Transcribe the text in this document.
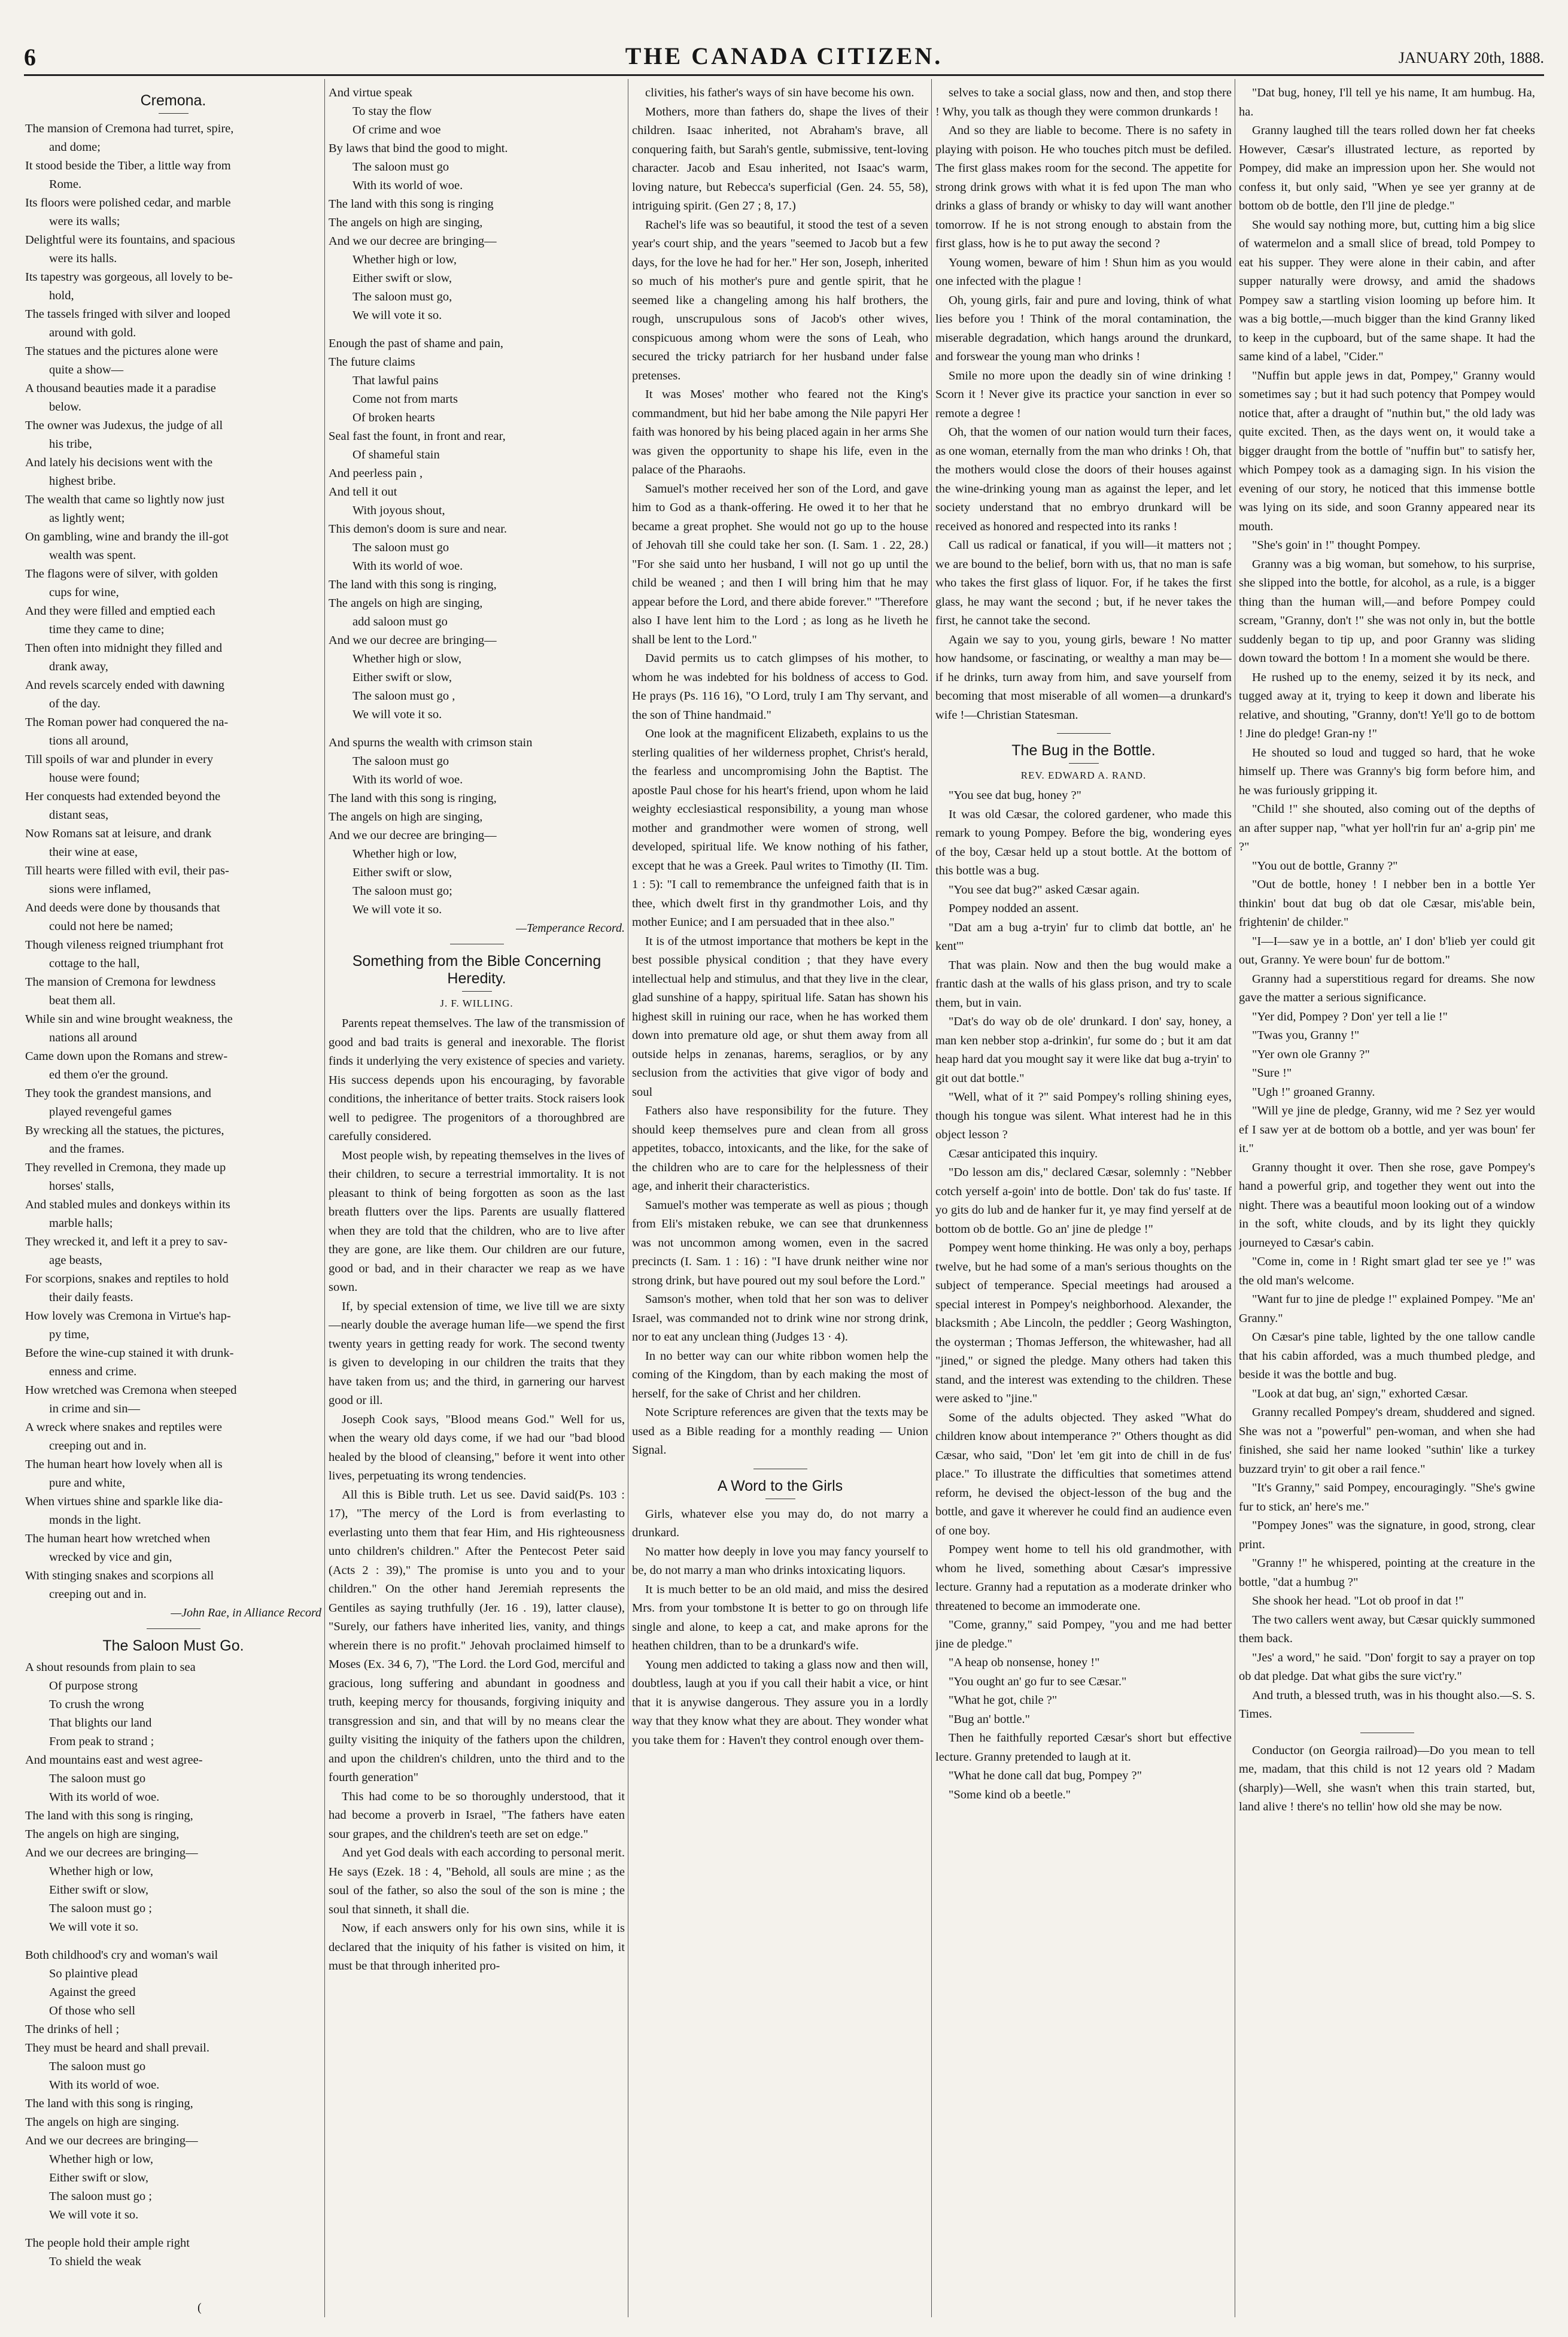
6	THE CANADA CITIZEN.	JANUARY 20th, 1888.
Cremona.

The mansion of Cremona had turret, spire,

and dome;

It stood beside the Tiber, a little way from

Rome.

Its floors were polished cedar, and marble

were its walls;

Delightful were its fountains, and spacious

were its halls.

Its tapestry was gorgeous, all lovely to be-

hold,

The tassels fringed with silver and looped

around with gold.

The statues and the pictures alone were

quite a show—

A thousand beauties made it a paradise

below.

The owner was Judexus, the judge of all

his tribe,

And lately his decisions went with the

highest bribe.

The wealth that came so lightly now just

as lightly went;

On gambling, wine and brandy the ill-got

wealth was spent.

The flagons were of silver, with golden

cups for wine,

And they were filled and emptied each

time they came to dine;

Then often into midnight they filled and

drank away,

And revels scarcely ended with dawning

of the day.

The Roman power had conquered the na-

tions all around,

Till spoils of war and plunder in every

house were found;

Her conquests had extended beyond the

distant seas,

Now Romans sat at leisure, and drank

their wine at ease,

Till hearts were filled with evil, their pas-

sions were inflamed,

And deeds were done by thousands that

could not here be named;

Though vileness reigned triumphant frot

cottage to the hall,

The mansion of Cremona for lewdness

beat them all.

While sin and wine brought weakness, the

nations all around

Came down upon the Romans and strew-

ed them o'er the ground.

They took the grandest mansions, and

played revengeful games

By wrecking all the statues, the pictures,

and the frames.

They revelled in Cremona, they made up

horses' stalls,

And stabled mules and donkeys within its

marble halls;

They wrecked it, and left it a prey to sav-

age beasts,

For scorpions, snakes and reptiles to hold

their daily feasts.

How lovely was Cremona in Virtue's hap-

py time,

Before the wine-cup stained it with drunk-

enness and crime.

How wretched was Cremona when steeped

in crime and sin—

A wreck where snakes and reptiles were

creeping out and in.

The human heart how lovely when all is

pure and white,

When virtues shine and sparkle like dia-

monds in the light.

The human heart how wretched when

wrecked by vice and gin,

With stinging snakes and scorpions all

creeping out and in.

—John Rae, in Alliance Record
The Saloon Must Go.

A shout resounds from plain to sea

Of purpose strong

To crush the wrong

That blights our land

From peak to strand ;

And mountains east and west agree-

The saloon must go

With its world of woe.

The land with this song is ringing,

The angels on high are singing,

And we our decrees are bringing—

Whether high or low,

Either swift or slow,

The saloon must go ;

We will vote it so.

Both childhood's cry and woman's wail

So plaintive plead

Against the greed

Of those who sell

The drinks of hell ;

They must be heard and shall prevail.

The saloon must go

With its world of woe.

The land with this song is ringing,

The angels on high are singing.

And we our decrees are bringing—

Whether high or low,

Either swift or slow,

The saloon must go ;

We will vote it so.

The people hold their ample right

To shield the weak

And virtue speak

To stay the flow

Of crime and woe

By laws that bind the good to might.

The saloon must go

With its world of woe.

The land with this song is ringing

The angels on high are singing,

And we our decree are bringing—

Whether high or low,

Either swift or slow,

The saloon must go,

We will vote it so.

Enough the past of shame and pain,

The future claims

That lawful pains

Come not from marts

Of broken hearts

Seal fast the fount, in front and rear,

Of shameful stain

And peerless pain ,

And tell it out

With joyous shout,

This demon's doom is sure and near.

The saloon must go

With its world of woe.

The land with this song is ringing,

The angels on high are singing,

add saloon must go

And we our decree are bringing—

Whether high or slow,

Either swift or slow,

The saloon must go ,

We will vote it so.

And spurns the wealth with crimson stain

The saloon must go

With its world of woe.

The land with this song is ringing,

The angels on high are singing,

And we our decree are bringing—

Whether high or low,

Either swift or slow,

The saloon must go;

We will vote it so.

—Temperance Record.
Something from the Bible Concerning Heredity.
J. F. WILLING.

Parents repeat themselves. The law of the transmission of good and bad traits is general and inexorable. The florist finds it underlying the very existence of species and variety. His success depends upon his encouraging, by favorable conditions, the inheritance of better traits. Stock raisers look well to pedigree. The progenitors of a thoroughbred are carefully considered.

Most people wish, by repeating themselves in the lives of their children, to secure a terrestrial immortality. It is not pleasant to think of being forgotten as soon as the last breath flutters over the lips. Parents are usually flattered when they are told that the children, who are to live after they are gone, are like them. Our children are our future, good or bad, and in their character we reap as we have sown.

If, by special extension of time, we live till we are sixty—nearly double the average human life—we spend the first twenty years in getting ready for work. The second twenty is given to developing in our children the traits that they have taken from us; and the third, in garnering our harvest good or ill.

Joseph Cook says, "Blood means God." Well for us, when the weary old days come, if we had our "bad blood healed by the blood of cleansing," before it went into other lives, perpetuating its wrong tendencies.

All this is Bible truth. Let us see. David said(Ps. 103 : 17), "The mercy of the Lord is from everlasting to everlasting unto them that fear Him, and His righteousness unto children's children." After the Pentecost Peter said (Acts 2 : 39)," The promise is unto you and to your children." On the other hand Jeremiah represents the Gentiles as saying truthfully (Jer. 16 . 19), latter clause), "Surely, our fathers have inherited lies, vanity, and things wherein there is no profit." Jehovah proclaimed himself to Moses (Ex. 34 6, 7), "The Lord. the Lord God, merciful and gracious, long suffering and abundant in goodness and truth, keeping mercy for thousands, forgiving iniquity and transgression and sin, and that will by no means clear the guilty visiting the iniquity of the fathers upon the children, and upon the children's children, unto the third and to the fourth generation"

This had come to be so thoroughly understood, that it had become a proverb in Israel, "The fathers have eaten sour grapes, and the children's teeth are set on edge."

And yet God deals with each according to personal merit. He says (Ezek. 18 : 4, "Behold, all souls are mine ; as the soul of the father, so also the soul of the son is mine ; the soul that sinneth, it shall die.

Now, if each answers only for his own sins, while it is declared that the iniquity of his father is visited on him, it must be that through inherited pro-

clivities, his father's ways of sin have become his own.

Mothers, more than fathers do, shape the lives of their children. Isaac inherited, not Abraham's brave, all conquering faith, but Sarah's gentle, submissive, tent-loving character. Jacob and Esau inherited, not Isaac's warm, loving nature, but Rebecca's superficial (Gen. 24. 55, 58), intriguing spirit. (Gen 27 ; 8, 17.)

Rachel's life was so beautiful, it stood the test of a seven year's court ship, and the years "seemed to Jacob but a few days, for the love he had for her." Her son, Joseph, inherited so much of his mother's pure and gentle spirit, that he seemed like a changeling among his half brothers, the rough, unscrupulous sons of Jacob's other wives, conspicuous among whom were the sons of Leah, who secured the tricky patriarch for her husband under false pretenses.

It was Moses' mother who feared not the King's commandment, but hid her babe among the Nile papyri Her faith was honored by his being placed again in her arms She was given the opportunity to shape his life, even in the palace of the Pharaohs.

Samuel's mother received her son of the Lord, and gave him to God as a thank-offering. He owed it to her that he became a great prophet. She would not go up to the house of Jehovah till she could take her son. (I. Sam. 1 . 22, 28.) "For she said unto her husband, I will not go up until the child be weaned ; and then I will bring him that he may appear before the Lord, and there abide forever." "Therefore also I have lent him to the Lord ; as long as he liveth he shall be lent to the Lord."

David permits us to catch glimpses of his mother, to whom he was indebted for his boldness of access to God. He prays (Ps. 116 16), "O Lord, truly I am Thy servant, and the son of Thine handmaid."

One look at the magnificent Elizabeth, explains to us the sterling qualities of her wilderness prophet, Christ's herald, the fearless and uncompromising John the Baptist. The apostle Paul chose for his heart's friend, upon whom he laid weighty ecclesiastical responsibility, a young man whose mother and grandmother were women of strong, well developed, spiritual life. We know nothing of his father, except that he was a Greek. Paul writes to Timothy (II. Tim. 1 : 5): "I call to remembrance the unfeigned faith that is in thee, which dwelt first in thy grandmother Lois, and thy mother Eunice; and I am persuaded that in thee also."

It is of the utmost importance that mothers be kept in the best possible physical condition ; that they have every intellectual help and stimulus, and that they live in the clear, glad sunshine of a happy, spiritual life. Satan has shown his highest skill in ruining our race, when he has worked them down into premature old age, or shut them away from all outside helps in zenanas, harems, seraglios, or by any seclusion from the activities that give vigor of body and soul

Fathers also have responsibility for the future. They should keep themselves pure and clean from all gross appetites, tobacco, intoxicants, and the like, for the sake of the children who are to care for the helplessness of their age, and inherit their characteristics.

Samuel's mother was temperate as well as pious ; though from Eli's mistaken rebuke, we can see that drunkenness was not uncommon among women, even in the sacred precincts (I. Sam. 1 : 16) : "I have drunk neither wine nor strong drink, but have poured out my soul before the Lord."

Samson's mother, when told that her son was to deliver Israel, was commanded not to drink wine nor strong drink, nor to eat any unclean thing (Judges 13 · 4).

In no better way can our white ribbon women help the coming of the Kingdom, than by each making the most of herself, for the sake of Christ and her children.

Note Scripture references are given that the texts may be used as a Bible reading for a monthly reading — Union Signal.

A Word to the Girls

Girls, whatever else you may do, do not marry a drunkard.

No matter how deeply in love you may fancy yourself to be, do not marry a man who drinks intoxicating liquors.

It is much better to be an old maid, and miss the desired Mrs. from your tombstone It is better to go on through life single and alone, to keep a cat, and make aprons for the heathen children, than to be a drunkard's wife.

Young men addicted to taking a glass now and then will, doubtless, laugh at you if you call their habit a vice, or hint that it is anywise dangerous. They assure you in a lordly way that they know what they are about. They wonder what you take them for : Haven't they control enough over them-

selves to take a social glass, now and then, and stop there ! Why, you talk as though they were common drunkards !

And so they are liable to become. There is no safety in playing with poison. He who touches pitch must be defiled. The first glass makes room for the second. The appetite for strong drink grows with what it is fed upon The man who drinks a glass of brandy or whisky to day will want another tomorrow. If he is not strong enough to abstain from the first glass, how is he to put away the second ?

Young women, beware of him ! Shun him as you would one infected with the plague !

Oh, young girls, fair and pure and loving, think of what lies before you ! Think of the moral contamination, the miserable degradation, which hangs around the drunkard, and forswear the young man who drinks !

Smile no more upon the deadly sin of wine drinking ! Scorn it ! Never give its practice your sanction in ever so remote a degree !

Oh, that the women of our nation would turn their faces, as one woman, eternally from the man who drinks ! Oh, that the mothers would close the doors of their houses against the wine-drinking young man as against the leper, and let society understand that no embryo drunkard will be received as honored and respected into its ranks !

Call us radical or fanatical, if you will—it matters not ; we are bound to the belief, born with us, that no man is safe who takes the first glass of liquor. For, if he takes the first glass, he may want the second ; but, if he never takes the first, he cannot take the second.

Again we say to you, young girls, beware ! No matter how handsome, or fascinating, or wealthy a man may be—if he drinks, turn away from him, and save yourself from becoming that most miserable of all women—a drunkard's wife !—Christian Statesman.

The Bug in the Bottle.
REV. EDWARD A. RAND.

"You see dat bug, honey ?"

It was old Cæsar, the colored gardener, who made this remark to young Pompey. Before the big, wondering eyes of the boy, Cæsar held up a stout bottle. At the bottom of this bottle was a bug.

"You see dat bug?" asked Cæsar again.

Pompey nodded an assent.

"Dat am a bug a-tryin' fur to climb dat bottle, an' he kent'"

That was plain. Now and then the bug would make a frantic dash at the walls of his glass prison, and try to scale them, but in vain.

"Dat's do way ob de ole' drunkard. I don' say, honey, a man ken nebber stop a-drinkin', fur some do ; but it am dat heap hard dat you mought say it were like dat bug a-tryin' to git out dat bottle."

"Well, what of it ?" said Pompey's rolling shining eyes, though his tongue was silent. What interest had he in this object lesson ?

Cæsar anticipated this inquiry.

"Do lesson am dis," declared Cæsar, solemnly : "Nebber cotch yerself a-goin' into de bottle. Don' tak do fus' taste. If yo gits do lub and de hanker fur it, ye may find yerself at de bottom ob de bottle. Go an' jine de pledge !"

Pompey went home thinking. He was only a boy, perhaps twelve, but he had some of a man's serious thoughts on the subject of temperance. Special meetings had aroused a special interest in Pompey's neighborhood. Alexander, the blacksmith ; Abe Lincoln, the peddler ; Georg Washington, the oysterman ; Thomas Jefferson, the whitewasher, had all "jined," or signed the pledge. Many others had taken this stand, and the interest was extending to the children. These were asked to "jine."

Some of the adults objected. They asked "What do children know about intemperance ?" Others thought as did Cæsar, who said, "Don' let 'em git into de chill in de fus' place." To illustrate the difficulties that sometimes attend reform, he devised the object-lesson of the bug and the bottle, and gave it wherever he could find an audience even of one boy.

Pompey went home to tell his old grandmother, with whom he lived, something about Cæsar's impressive lecture. Granny had a reputation as a moderate drinker who threatened to become an immoderate one.

"Come, granny," said Pompey, "you and me had better jine de pledge."

"A heap ob nonsense, honey !"

"You ought an' go fur to see Cæsar."

"What he got, chile ?"

"Bug an' bottle."

Then he faithfully reported Cæsar's short but effective lecture. Granny pretended to laugh at it.

"What he done call dat bug, Pompey ?"

"Some kind ob a beetle."

"Dat bug, honey, I'll tell ye his name, It am humbug. Ha, ha.

Granny laughed till the tears rolled down her fat cheeks However, Cæsar's illustrated lecture, as reported by Pompey, did make an impression upon her. She would not confess it, but only said, "When ye see yer granny at de bottom ob de bottle, den I'll jine de pledge."

She would say nothing more, but, cutting him a big slice of watermelon and a small slice of bread, told Pompey to eat his supper. They were alone in their cabin, and after supper naturally were drowsy, and amid the shadows Pompey saw a startling vision looming up before him. It was a big bottle,—much bigger than the kind Granny liked to keep in the cupboard, but of the same shape. It had the same kind of a label, "Cider."

"Nuffin but apple jews in dat, Pompey," Granny would sometimes say ; but it had such potency that Pompey would notice that, after a draught of "nuthin but," the old lady was quite excited. Then, as the days went on, it would take a bigger draught from the bottle of "nuffin but" to satisfy her, which Pompey took as a damaging sign. In his vision the evening of our story, he noticed that this immense bottle was lying on its side, and soon Granny appeared near its mouth.

"She's goin' in !" thought Pompey.

Granny was a big woman, but somehow, to his surprise, she slipped into the bottle, for alcohol, as a rule, is a bigger thing than the human will,—and before Pompey could scream, "Granny, don't !" she was not only in, but the bottle suddenly began to tip up, and poor Granny was sliding down toward the bottom ! In a moment she would be there.

He rushed up to the enemy, seized it by its neck, and tugged away at it, trying to keep it down and liberate his relative, and shouting, "Granny, don't! Ye'll go to de bottom ! Jine do pledge! Gran-ny !"

He shouted so loud and tugged so hard, that he woke himself up. There was Granny's big form before him, and he was furiously gripping it.

"Child !" she shouted, also coming out of the depths of an after supper nap, "what yer holl'rin fur an' a-grip pin' me ?"

"You out de bottle, Granny ?"

"Out de bottle, honey ! I nebber ben in a bottle Yer thinkin' bout dat bug ob dat ole Cæsar, mis'able bein, frightenin' de childer."

"I—I—saw ye in a bottle, an' I don' b'lieb yer could git out, Granny. Ye were boun' fur de bottom."

Granny had a superstitious regard for dreams. She now gave the matter a serious significance.

"Yer did, Pompey ? Don' yer tell a lie !"

"Twas you, Granny !"

"Yer own ole Granny ?"

"Sure !"

"Ugh !" groaned Granny.

"Will ye jine de pledge, Granny, wid me ? Sez yer would ef I saw yer at de bottom ob a bottle, and yer was boun' fer it."

Granny thought it over. Then she rose, gave Pompey's hand a powerful grip, and together they went out into the night. There was a beautiful moon looking out of a window in the soft, white clouds, and by its light they quickly journeyed to Cæsar's cabin.

"Come in, come in ! Right smart glad ter see ye !" was the old man's welcome.

"Want fur to jine de pledge !" explained Pompey. "Me an' Granny."

On Cæsar's pine table, lighted by the one tallow candle that his cabin afforded, was a much thumbed pledge, and beside it was the bottle and bug.

"Look at dat bug, an' sign," exhorted Cæsar.

Granny recalled Pompey's dream, shuddered and signed. She was not a "powerful" pen-woman, and when she had finished, she said her name looked "suthin' like a turkey buzzard tryin' to git ober a rail fence."

"It's Granny," said Pompey, encouragingly. "She's gwine fur to stick, an' here's me."

"Pompey Jones" was the signature, in good, strong, clear print.

"Granny !" he whispered, pointing at the creature in the bottle, "dat a humbug ?"

She shook her head. "Lot ob proof in dat !"

The two callers went away, but Cæsar quickly summoned them back.

"Jes' a word," he said. "Don' forgit to say a prayer on top ob dat pledge. Dat what gibs the sure vict'ry."

And truth, a blessed truth, was in his thought also.—S. S. Times.

Conductor (on Georgia railroad)—Do you mean to tell me, madam, that this child is not 12 years old ? Madam (sharply)—Well, she wasn't when this train started, but, land alive ! there's no tellin' how old she may be now.

(
